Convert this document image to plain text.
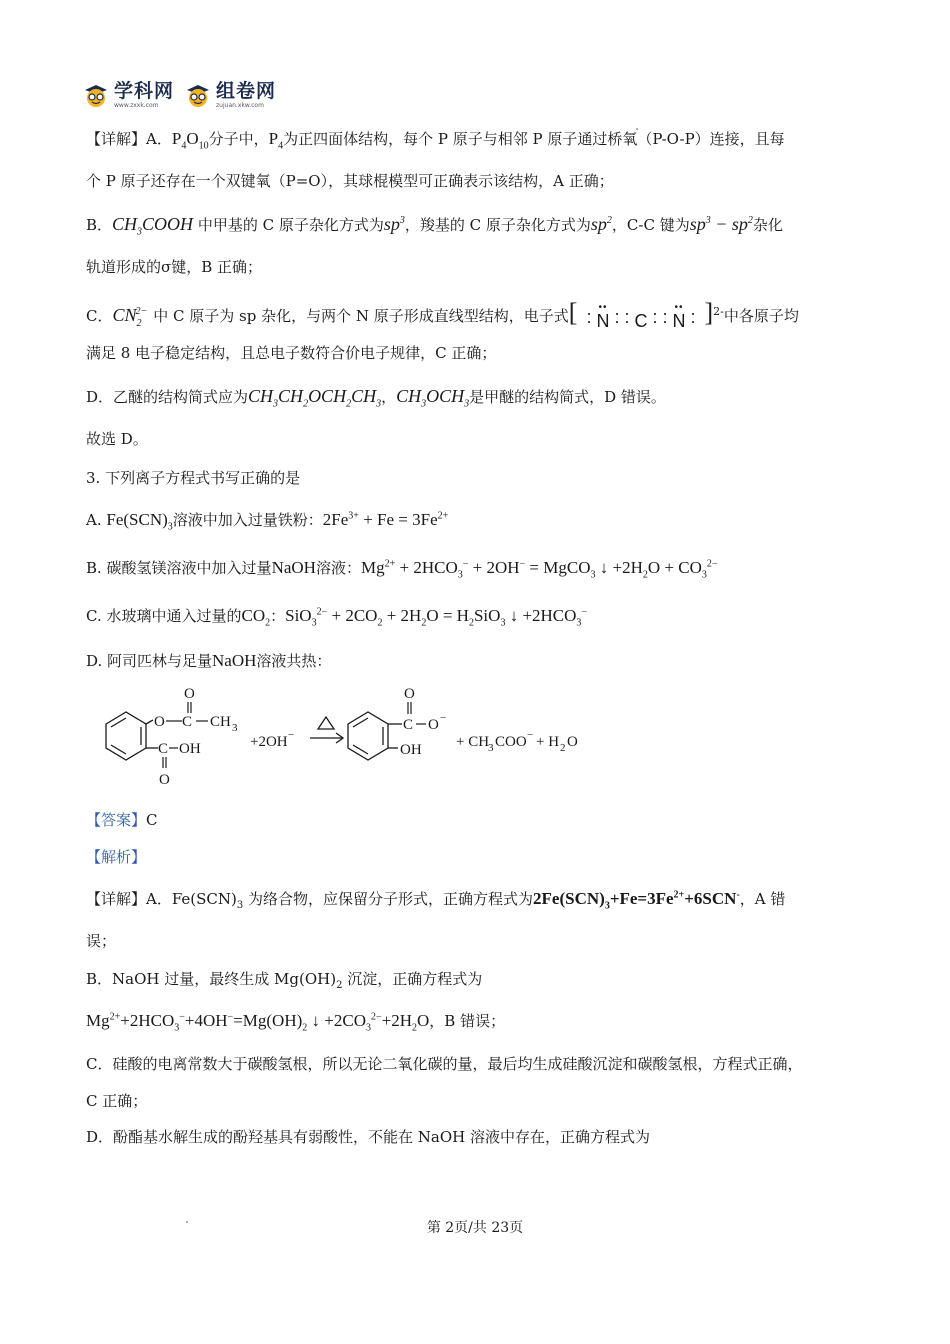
学科网
www.zxxk.com
组卷网
zujuan.xkw.com
【详解】A．$P_4O_{10}$分子中，$P_4$为正四面体结构，每个 P 原子与相邻 P 原子通过桥氧（P-O-P）连接，且每
个 P 原子还存在一个双键氧（P=O），其球棍模型可正确表示该结构，A 正确；
B．$CH_3COOH$ 中甲基的 C 原子杂化方式为$sp^3$，羧基的 C 原子杂化方式为$sp^2$，C-C 键为$sp^3 - sp^2$杂化
轨道形成的σ键，B 正确；
C．$CN_2^{2-}$ 中 C 原子为 sp 杂化，与两个 N 原子形成直线型结构，电子式[ : ••
N : :
C : : ••
N : ]$^{2-}$中各原子均
满足 8 电子稳定结构，且总电子数符合价电子规律，C 正确；
D．乙醚的结构简式应为$CH_3CH_2OCH_2CH_3$，$CH_3OCH_3$是甲醚的结构简式，D 错误。
故选 D。
3. 下列离子方程式书写正确的是
A. $Fe(SCN)_3$溶液中加入过量铁粉：$2Fe^{3+} + Fe = 3Fe^{2+}$
B. 碳酸氢镁溶液中加入过量NaOH溶液：$Mg^{2+} + 2HCO_3^- + 2OH^-$ = MgCO$_3$ ↓ $+2H_2O + CO_3^{2-}$
C. 水玻璃中通入过量的$CO_2$：$SiO_3^{2-} + 2CO_2 + 2H_2O = H_2SiO_3$ ↓ $+2HCO_3^-$
D. 阿司匹林与足量NaOH溶液共热：
O C
O
CH 3
C OH
O
+2OH −
C
O
O −
OH + CH
3 COO − + H 2 O
【答案】C
【解析】
【详解】A．$Fe(SCN)_3$ 为络合物，应保留分子形式，正确方程式为$2Fe(SCN)_3+Fe=3Fe^{2+}+6SCN^-$，A 错
误；
B．NaOH 过量，最终生成 $Mg(OH)_2$ 沉淀，正确方程式为
$Mg^{2+}+2HCO_3^-+4OH^-=Mg(OH)_2$ ↓ $+2CO_3^{2-}+2H_2O$，B 错误；
C．硅酸的电离常数大于碳酸氢根，所以无论二氧化碳的量，最后均生成硅酸沉淀和碳酸氢根，方程式正确，
C 正确；
D．酚酯基水解生成的酚羟基具有弱酸性，不能在 NaOH 溶液中存在，正确方程式为
第 2页/共 23页
